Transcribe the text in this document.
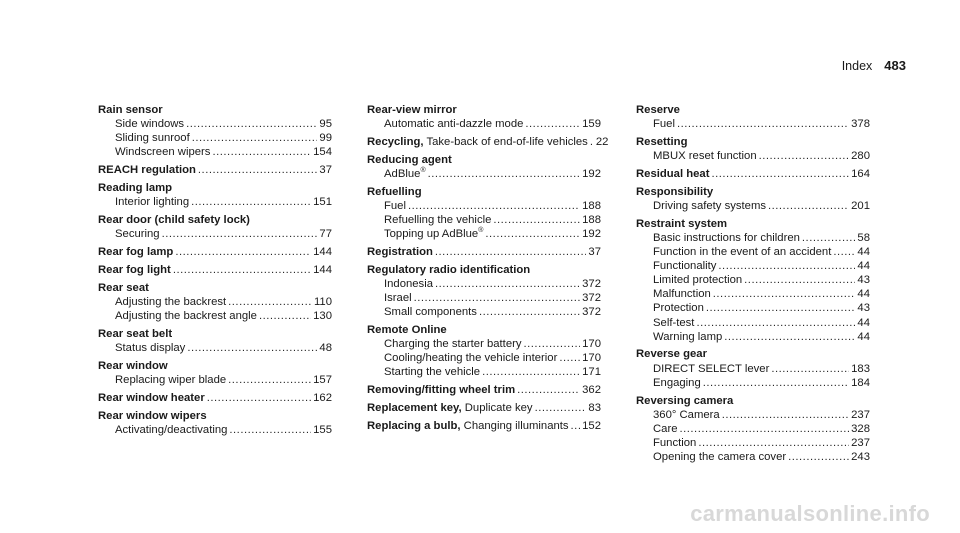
Index 483
Rain sensor
Side windows .....	95
Sliding sunroof .....	99
Windscreen wipers .....	154
REACH regulation .....	37
Reading lamp
Interior lighting .....	151
Rear door (child safety lock)
Securing .....	77
Rear fog lamp .....	144
Rear fog light .....	144
Rear seat
Adjusting the backrest .....	110
Adjusting the backrest angle .....	130
Rear seat belt
Status display .....	48
Rear window
Replacing wiper blade .....	157
Rear window heater .....	162
Rear window wipers
Activating/deactivating .....	155
Rear-view mirror
Automatic anti-dazzle mode .....	159
Recycling, Take-back of end-of-life vehicles ..... 22
Reducing agent
AdBlue® .....	192
Refuelling
Fuel .....	188
Refuelling the vehicle .....	188
Topping up AdBlue® .....	192
Registration .....	37
Regulatory radio identification
Indonesia .....	372
Israel .....	372
Small components .....	372
Remote Online
Charging the starter battery .....	170
Cooling/heating the vehicle interior ..... 170
Starting the vehicle .....	171
Removing/fitting wheel trim .....	362
Replacement key, Duplicate key .....	83
Replacing a bulb, Changing illuminants ..... 152
Reserve
Fuel .....	378
Resetting
MBUX reset function .....	280
Residual heat .....	164
Responsibility
Driving safety systems .....	201
Restraint system
Basic instructions for children .....	58
Function in the event of an accident ..... 44
Functionality .....	44
Limited protection .....	43
Malfunction .....	44
Protection .....	43
Self-test .....	44
Warning lamp .....	44
Reverse gear
DIRECT SELECT lever .....	183
Engaging .....	184
Reversing camera
360° Camera .....	237
Care .....	328
Function .....	237
Opening the camera cover .....	243
carmanualsonline.info
